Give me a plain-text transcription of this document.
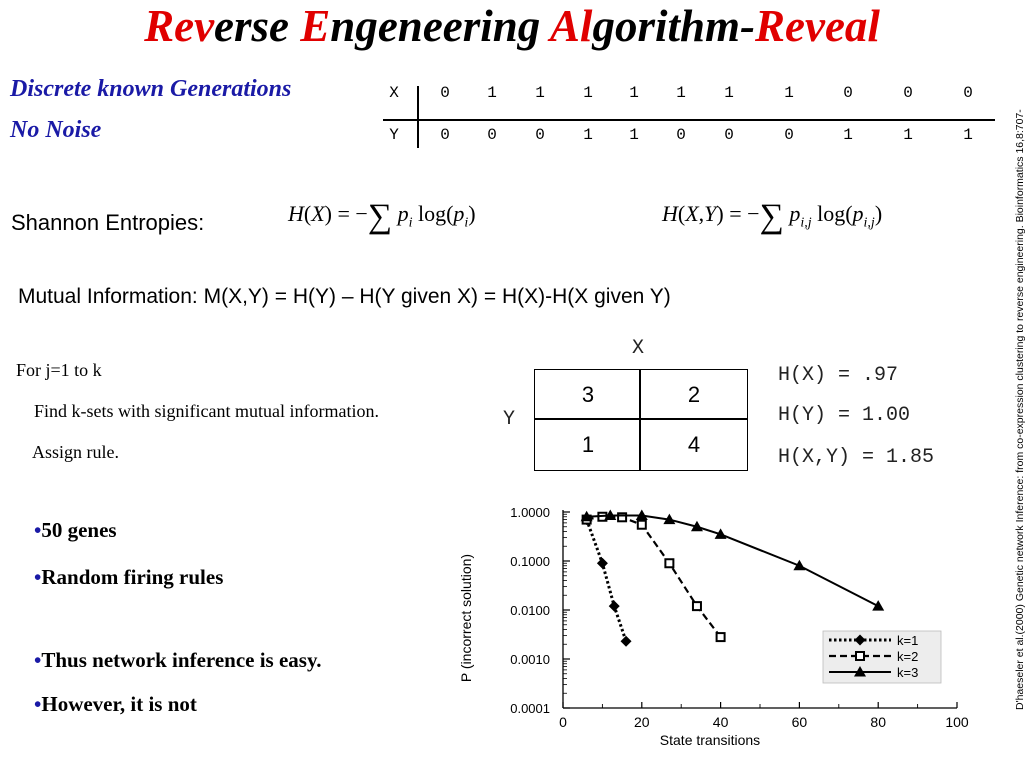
Reverse Engeneering Algorithm-Reveal
Discrete known Generations
No Noise
X	0	1	1	1	1	1	1	1	0	0	0
Y	0	0	0	1	1	0	0	0	1	1	1
Shannon Entropies:	H(X) = −∑ $p_i$ $\log(p_i)$	H(X,Y) = −∑ $p_{i,j}$ $\log(p_{i,j})$
Mutual Information: M(X,Y) = H(Y) – H(Y given X) = H(X)-H(X given Y)
For j=1 to k
Find k-sets with significant mutual information.
Assign rule.
X
Y
3	2
1	4
H(X) = .97
H(Y) = 1.00
H(X,Y) = 1.85
•50 genes
•Random firing rules
•Thus network inference is easy.
•However, it is not
1.0000
0.1000
0.0100
0.0010
0.0001
0	20	40	60	80	100
State transitions
P (incorrect solution)	k=1
k=2
k=3	D'haeseler et al.(2000) Genetic network Inference: from co-expression clustering to reverse engineering. Bioinformatics 16,8:707-
